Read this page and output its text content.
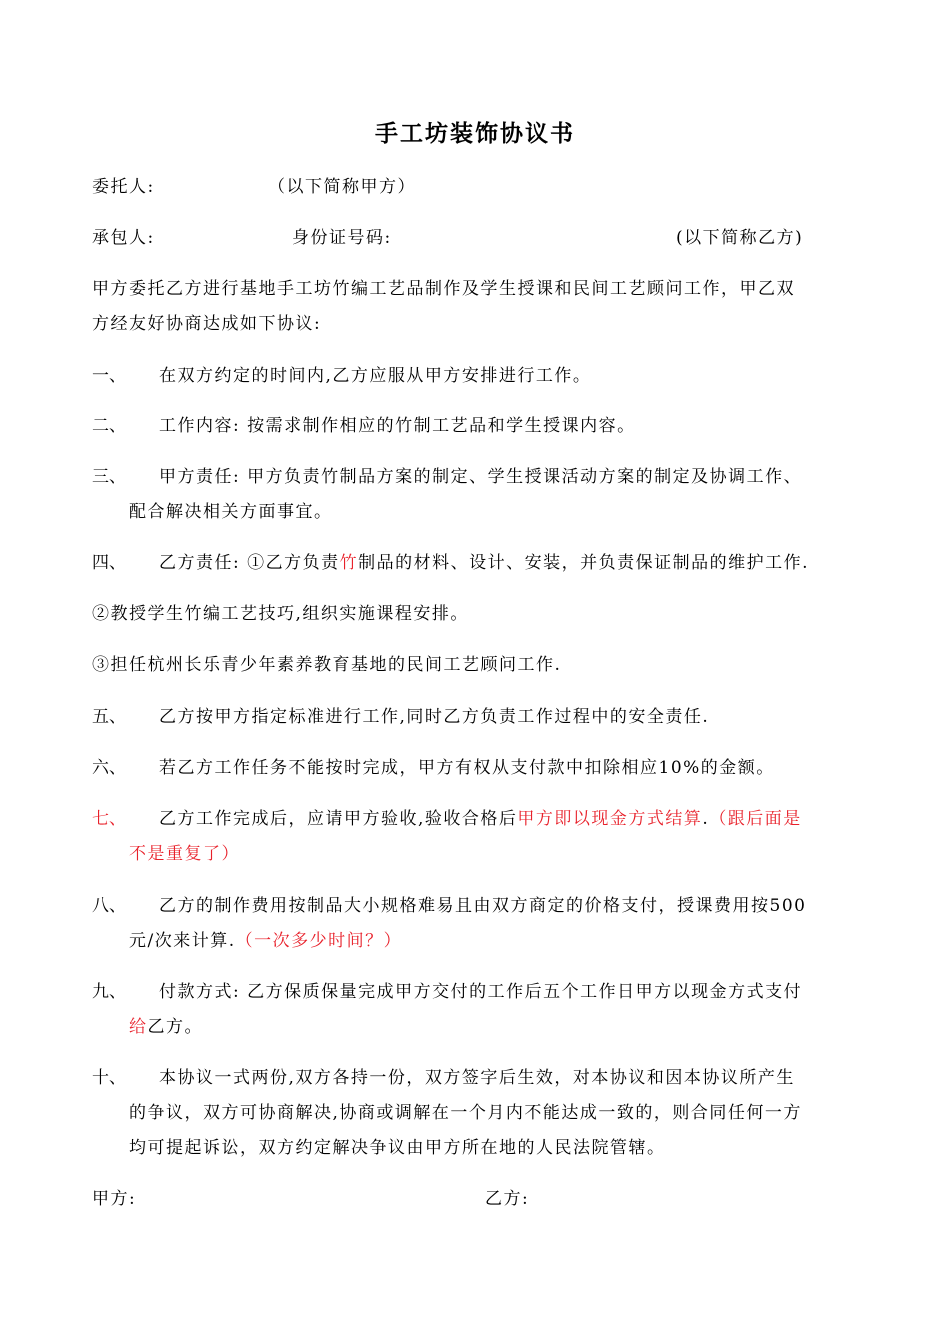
手工坊装饰协议书
委托人:	（以下简称甲方）
承包人:	身份证号码:	(以下简称乙方)
甲方委托乙方进行基地手工坊竹编工艺品制作及学生授课和民间工艺顾问工作，甲乙双
方经友好协商达成如下协议:
一、 在双方约定的时间内,乙方应服从甲方安排进行工作。
二、 工作内容: 按需求制作相应的竹制工艺品和学生授课内容。
三、 甲方责任: 甲方负责竹制品方案的制定、学生授课活动方案的制定及协调工作、
配合解决相关方面事宜。
四、 乙方责任: ①乙方负责竹制品的材料、设计、安装，并负责保证制品的维护工作.
②教授学生竹编工艺技巧,组织实施课程安排。
③担任杭州长乐青少年素养教育基地的民间工艺顾问工作.
五、 乙方按甲方指定标准进行工作,同时乙方负责工作过程中的安全责任.
六、 若乙方工作任务不能按时完成，甲方有权从支付款中扣除相应10%的金额。
七、 乙方工作完成后，应请甲方验收,验收合格后甲方即以现金方式结算.（跟后面是
不是重复了）
八、 乙方的制作费用按制品大小规格难易且由双方商定的价格支付，授课费用按500
元/次来计算.（一次多少时间？）
九、 付款方式: 乙方保质保量完成甲方交付的工作后五个工作日甲方以现金方式支付
给乙方。
十、 本协议一式两份,双方各持一份，双方签字后生效，对本协议和因本协议所产生
的争议，双方可协商解决,协商或调解在一个月内不能达成一致的，则合同任何一方
均可提起诉讼，双方约定解决争议由甲方所在地的人民法院管辖。
甲方:	乙方:
